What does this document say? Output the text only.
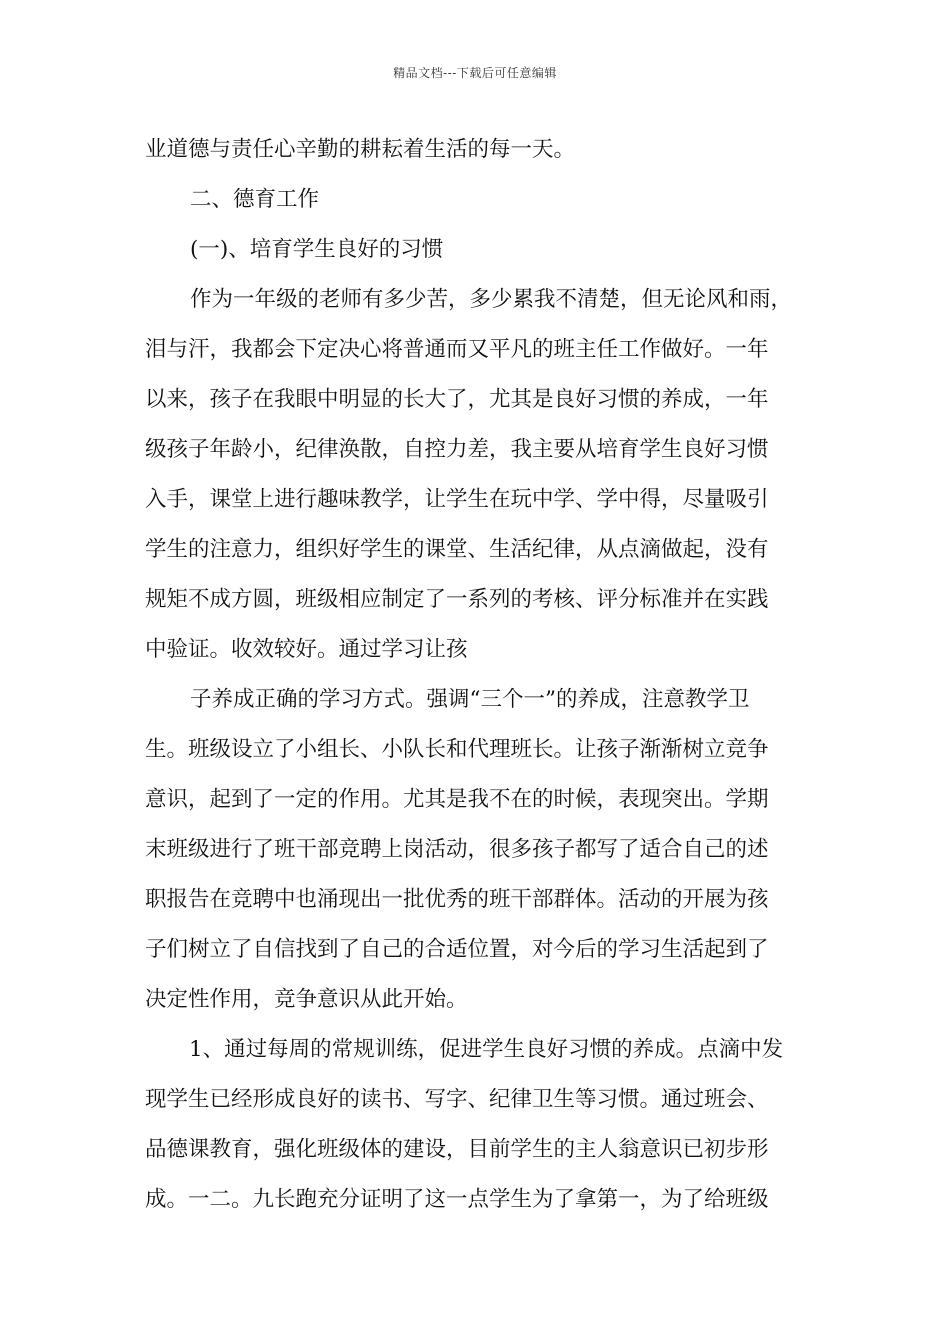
精品文档---下载后可任意编辑
业道德与责任心辛勤的耕耘着生活的每一天。
二、德育工作
(一)、培育学生良好的习惯
作为一年级的老师有多少苦，多少累我不清楚，但无论风和雨，
泪与汗，我都会下定决心将普通而又平凡的班主任工作做好。一年
以来，孩子在我眼中明显的长大了，尤其是良好习惯的养成，一年
级孩子年龄小，纪律涣散，自控力差，我主要从培育学生良好习惯
入手，课堂上进行趣味教学，让学生在玩中学、学中得，尽量吸引
学生的注意力，组织好学生的课堂、生活纪律，从点滴做起，没有
规矩不成方圆，班级相应制定了一系列的考核、评分标准并在实践
中验证。收效较好。通过学习让孩
子养成正确的学习方式。强调“三个一”的养成，注意教学卫
生。班级设立了小组长、小队长和代理班长。让孩子渐渐树立竞争
意识，起到了一定的作用。尤其是我不在的时候，表现突出。学期
末班级进行了班干部竞聘上岗活动，很多孩子都写了适合自己的述
职报告在竞聘中也涌现出一批优秀的班干部群体。活动的开展为孩
子们树立了自信找到了自己的合适位置，对今后的学习生活起到了
决定性作用，竞争意识从此开始。
1、通过每周的常规训练，促进学生良好习惯的养成。点滴中发
现学生已经形成良好的读书、写字、纪律卫生等习惯。通过班会、
品德课教育，强化班级体的建设，目前学生的主人翁意识已初步形
成。一二。九长跑充分证明了这一点学生为了拿第一，为了给班级
